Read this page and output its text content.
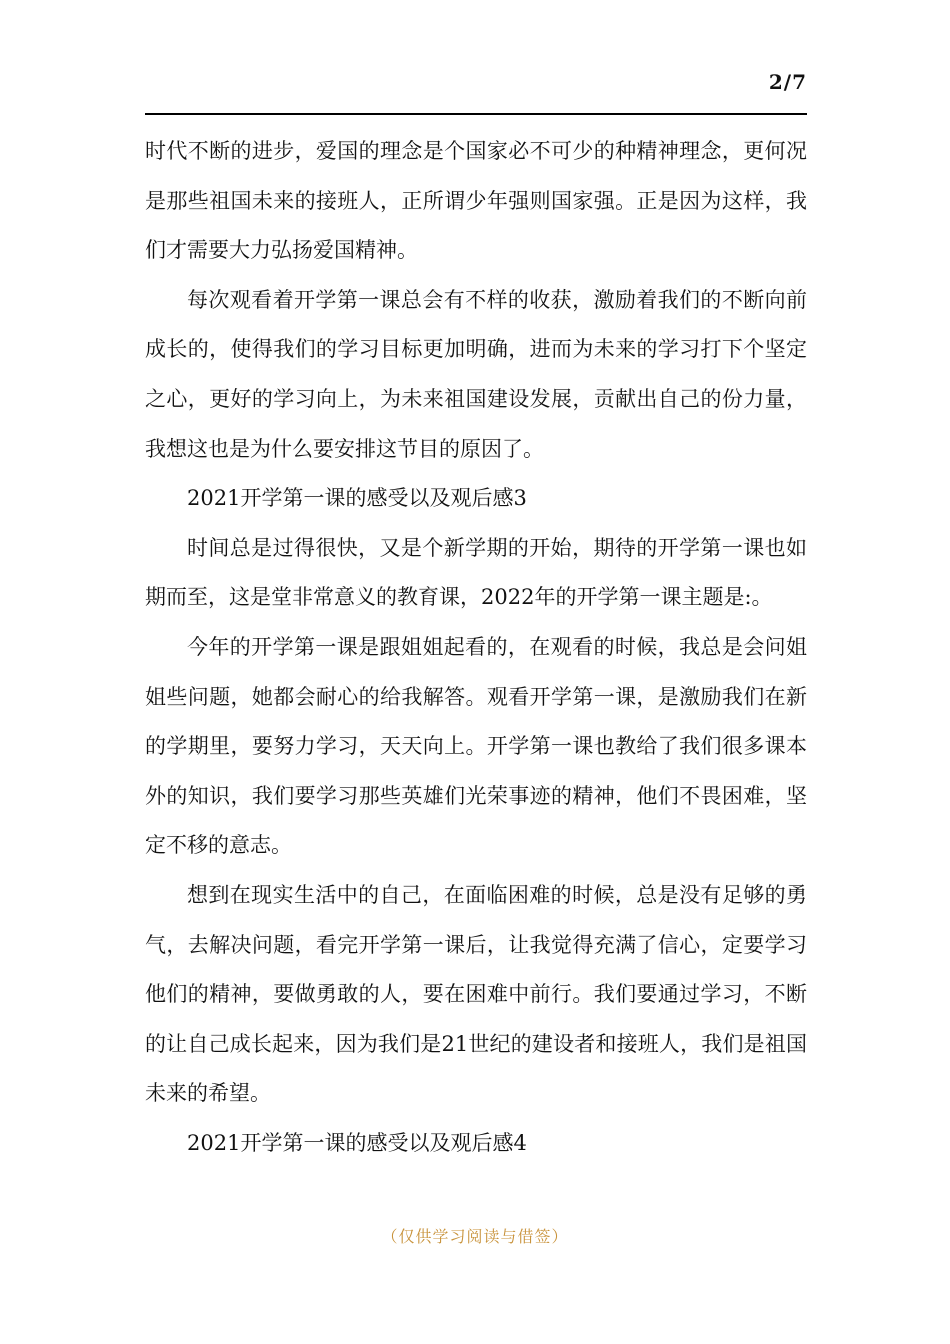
2/7

时代不断的进步，爱国的理念是个国家必不可少的种精神理念，更何况是那些祖国未来的接班人，正所谓少年强则国家强。正是因为这样，我们才需要大力弘扬爱国精神。

每次观看着开学第一课总会有不样的收获，激励着我们的不断向前成长的，使得我们的学习目标更加明确，进而为未来的学习打下个坚定之心，更好的学习向上，为未来祖国建设发展，贡献出自己的份力量，我想这也是为什么要安排这节目的原因了。

2021开学第一课的感受以及观后感3

时间总是过得很快，又是个新学期的开始，期待的开学第一课也如期而至，这是堂非常意义的教育课，2022年的开学第一课主题是:。

今年的开学第一课是跟姐姐起看的，在观看的时候，我总是会问姐姐些问题，她都会耐心的给我解答。观看开学第一课，是激励我们在新的学期里，要努力学习，天天向上。开学第一课也教给了我们很多课本外的知识，我们要学习那些英雄们光荣事迹的精神，他们不畏困难，坚定不移的意志。

想到在现实生活中的自己，在面临困难的时候，总是没有足够的勇气，去解决问题，看完开学第一课后，让我觉得充满了信心，定要学习他们的精神，要做勇敢的人，要在困难中前行。我们要通过学习，不断的让自己成长起来，因为我们是21世纪的建设者和接班人，我们是祖国未来的希望。

2021开学第一课的感受以及观后感4

（仅供学习阅读与借签）
